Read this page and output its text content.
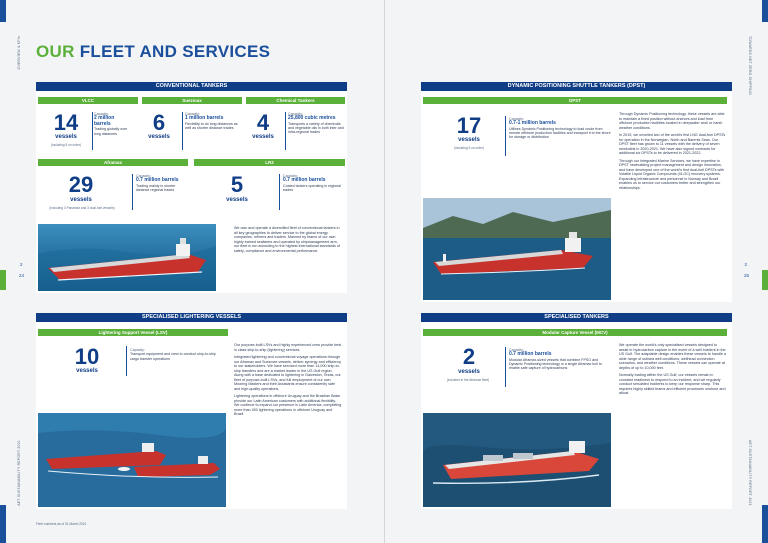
OVERVIEW & KPIs
AET SUSTAINABILITY REPORT 2021
2
24
OUR FLEET AND SERVICES
CONVENTIONAL TANKERS
VLCC
14
vessels
(including 5 on order)
Capacity:
2 million barrels
Trading globally over long distances
Suezmax
6
vessels
Capacity:
1 million barrels
Flexibility to do long distances as well as shorter distance trades
Chemical Tankers
4
vessels
Capacity:
25,800 cubic metres
Transports a variety of chemicals and vegetable oils in both inter and intra-regional trades
Aframax
29
vessels
(including 3 Panamax and 3 dual-fuel vessels)
Capacity:
0.7 million barrels
Trading mainly in shorter distance regional trades
LR2
5
vessels
Capacity:
0.7 million barrels
Coated tankers operating in regional trades
We own and operate a diversified fleet of conventional tankers in all key geographies to deliver service to the global energy companies, refiners and traders. Manned by teams of our own highly trained seafarers and operated by shipmanagement arm, our fleet is run according to the highest international standards of safety, compliance and environmental performance.
SPECIALISED LIGHTERING VESSELS
Lightering Support Vessel (LSV)
10
vessels
Capacity:
Transport equipment and crew to conduct ship-to-ship cargo transfer operations

Our purpose-built LSVs and highly experienced crew provide best in class ship-to-ship (lightering) services.

Integrated lightering and conventional voyage operations through our Aframax and Suezmax vessels, deliver synergy and efficiency to our stakeholders. We have serviced more than 14,000 ship-to-ship transfers and are a market leader in the US Gulf region. Along with a base dedicated to lightering in Galveston, Texas, our fleet of purpose-built LSVs, and full employment of our own Mooring Masters and their Assistants ensure consistently safe and high-quality operations.

Lightering operations in offshore Uruguay and the Brazilian Basin provide our Latin American customers with additional flexibility. We continue to expand our presence in Latin America, completing more than 450 lightering operations in offshore Uruguay and Brazil.

Fleet numbers as of 31 March 2021
TOWARDS NET ZERO SHIPPING
AET SUSTAINABILITY REPORT 2021
2
25
DYNAMIC POSITIONING SHUTTLE TANKERS (DPST)
DPST
17
vessels
(including 5 on order)
Capacity:
0.7-1 million barrels
Utilises Dynamic Positioning technology to load crude from remote offshore production facilities and transport it to the shore for storage or distribution

Through Dynamic Positioning technology, these vessels are able to maintain a fixed position without anchors and load from offshore production facilities located in deepwater and/ or harsh weather conditions.

In 2019, we unveiled two of the world's first LNG dual-fuel DPSTs for operation in the Norwegian, North and Barents Seas. Our DPST fleet has grown to 11 vessels with the delivery of seven newbuilds in 2020-2021. We have also signed contracts for additional six DPSTs to be delivered in 2021-2022.

Through our Integrated Marine Services, we have expertise in DPST newbuilding project management and design innovation, and have developed one of the world's first dual-fuel DPSTs with Volatile Liquid Organic Compounds (VLOC) recovery systems. Expanding infrastructure and personnel in Norway and Brazil enables us to service our customers better and strengthen our relationships.

SPECIALISED TANKERS
Modular Capture Vessel (MCV)
2
vessels
(included in the Aframax fleet)
Capacity:
0.7 million barrels
Modular Aframax-sized vessels that combine FPSO and Dynamic Positioning technology in a single Aframax hull to enable safe capture of hydrocarbons

We operate the world's only specialised vessels designed to assist in hydrocarbon capture in the event of a well incident in the US Gulf. The adaptable design enables these vessels to handle a wide range of subsea well conditions, wellhead connection scenarios, and weather conditions. These vessels can operate at depths of up to 10,000 feet.

Normally trading within the US Gulf, our vessels remain in constant readiness to respond to an incident, and we regularly conduct simulated incidents to keep our response sharp. This requires highly skilled teams and efficient processes onshore and afloat.
